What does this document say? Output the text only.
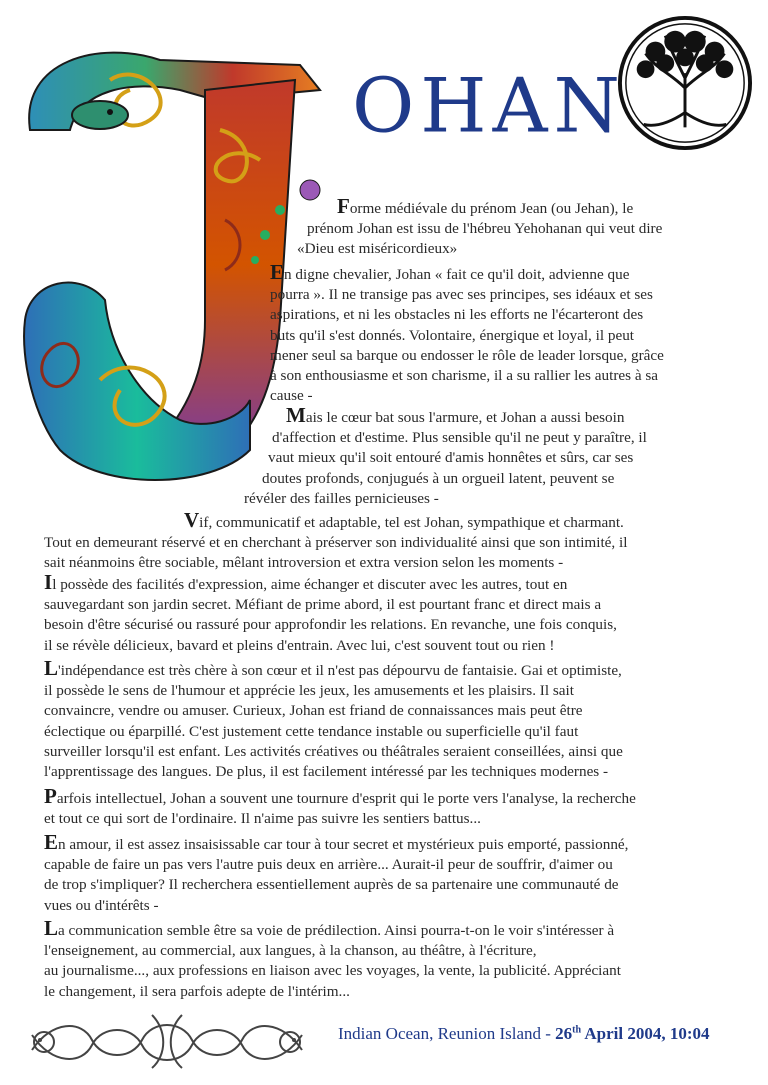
OHAN
Forme médiévale du prénom Jean (ou Jehan), le
prénom Johan est issu de l'hébreu Yehohanan qui veut dire
«Dieu est miséricordieux»
En digne chevalier, Johan « fait ce qu'il doit, advienne que
pourra ». Il ne transige pas avec ses principes, ses idéaux et ses
aspirations, et ni les obstacles ni les efforts ne l'écarteront des
buts qu'il s'est donnés. Volontaire, énergique et loyal, il peut
mener seul sa barque ou endosser le rôle de leader lorsque, grâce
à son enthousiasme et son charisme, il a su rallier les autres à sa
cause -
Mais le cœur bat sous l'armure, et Johan a aussi besoin
d'affection et d'estime. Plus sensible qu'il ne peut y paraître, il
vaut mieux qu'il soit entouré d'amis honnêtes et sûrs, car ses
doutes profonds, conjugués à un orgueil latent, peuvent se
révéler des failles pernicieuses -
Vif, communicatif et adaptable, tel est Johan, sympathique et charmant.
Tout en demeurant réservé et en cherchant à préserver son individualité ainsi que son intimité, il
sait néanmoins être sociable, mêlant introversion et extra version selon les moments -
Il possède des facilités d'expression, aime échanger et discuter avec les autres, tout en
sauvegardant son jardin secret. Méfiant de prime abord, il est pourtant franc et direct mais a
besoin d'être sécurisé ou rassuré pour approfondir les relations. En revanche, une fois conquis,
il se révèle délicieux, bavard et pleins d'entrain. Avec lui, c'est souvent tout ou rien !
L'indépendance est très chère à son cœur et il n'est pas dépourvu de fantaisie. Gai et optimiste,
il possède le sens de l'humour et apprécie les jeux, les amusements et les plaisirs. Il sait
convaincre, vendre ou amuser. Curieux, Johan est friand de connaissances mais peut être
éclectique ou éparpillé. C'est justement cette tendance instable ou superficielle qu'il faut
surveiller lorsqu'il est enfant. Les activités créatives ou théâtrales seraient conseillées, ainsi que
l'apprentissage des langues. De plus, il est facilement intéressé par les techniques modernes -
Parfois intellectuel, Johan a souvent une tournure d'esprit qui le porte vers l'analyse, la recherche
et tout ce qui sort de l'ordinaire. Il n'aime pas suivre les sentiers battus...
En amour, il est assez insaisissable car tour à tour secret et mystérieux puis emporté, passionné,
capable de faire un pas vers l'autre puis deux en arrière... Aurait-il peur de souffrir, d'aimer ou
de trop s'impliquer? Il recherchera essentiellement auprès de sa partenaire une communauté de
vues ou d'intérêts -
La communication semble être sa voie de prédilection. Ainsi pourra-t-on le voir s'intéresser à
l'enseignement, au commercial, aux langues, à la chanson, au théâtre, à l'écriture,
au journalisme..., aux professions en liaison avec les voyages, la vente, la publicité. Appréciant
le changement, il sera parfois adepte de l'intérim...
Indian Ocean, Reunion Island - 26th April 2004, 10:04
